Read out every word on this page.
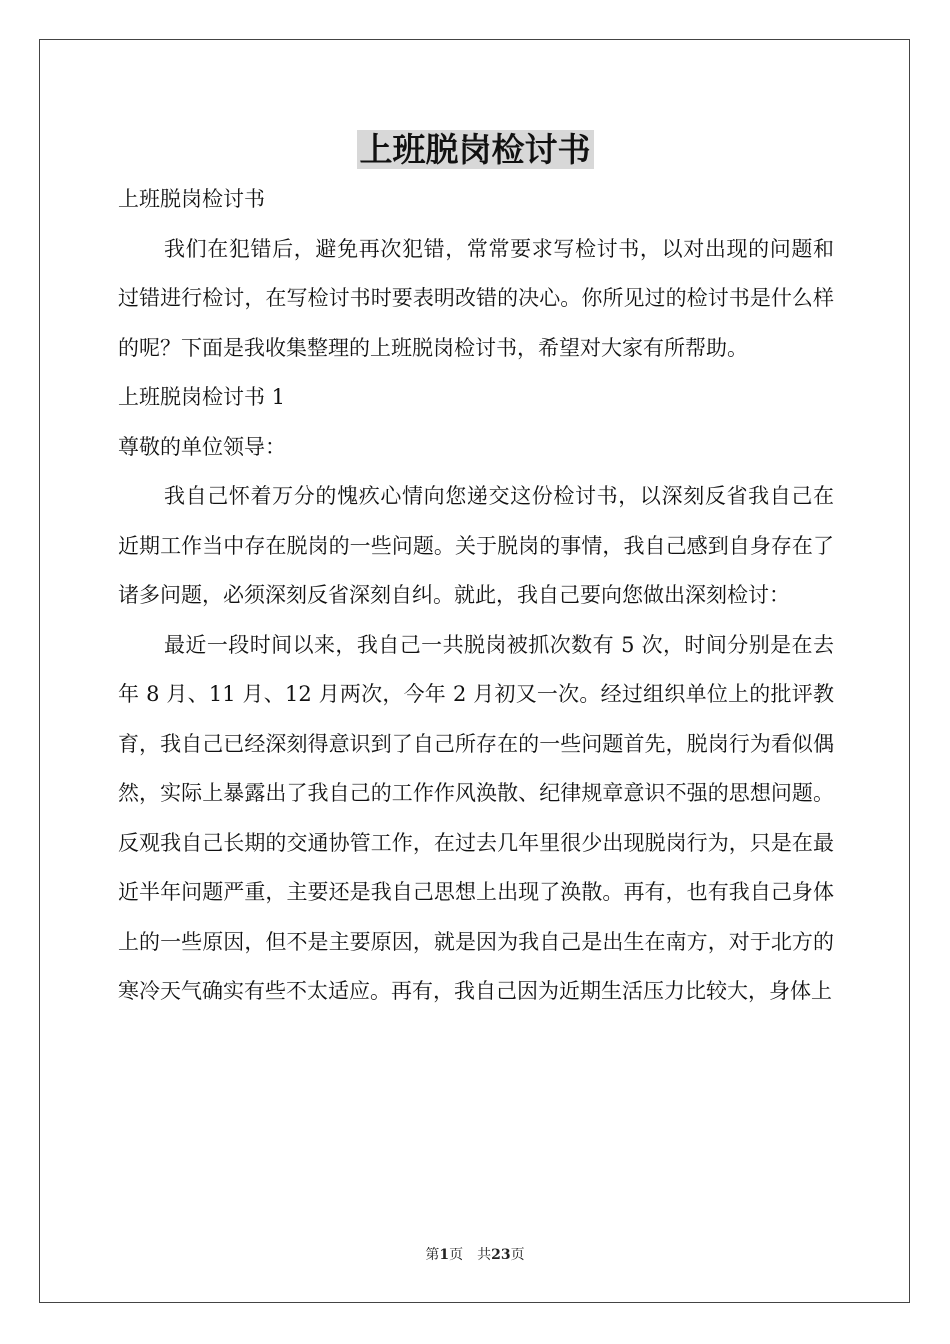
上班脱岗检讨书

上班脱岗检讨书

我们在犯错后，避免再次犯错，常常要求写检讨书，以对出现的问题和过错进行检讨，在写检讨书时要表明改错的决心。你所见过的检讨书是什么样的呢？下面是我收集整理的上班脱岗检讨书，希望对大家有所帮助。

上班脱岗检讨书 1

尊敬的单位领导：

我自己怀着万分的愧疚心情向您递交这份检讨书，以深刻反省我自己在近期工作当中存在脱岗的一些问题。关于脱岗的事情，我自己感到自身存在了诸多问题，必须深刻反省深刻自纠。就此，我自己要向您做出深刻检讨：

最近一段时间以来，我自己一共脱岗被抓次数有 5 次，时间分别是在去年 8 月、11 月、12 月两次，今年 2 月初又一次。经过组织单位上的批评教育，我自己已经深刻得意识到了自己所存在的一些问题首先，脱岗行为看似偶然，实际上暴露出了我自己的工作作风涣散、纪律规章意识不强的思想问题。反观我自己长期的交通协管工作，在过去几年里很少出现脱岗行为，只是在最近半年问题严重，主要还是我自己思想上出现了涣散。再有，也有我自己身体上的一些原因，但不是主要原因，就是因为我自己是出生在南方，对于北方的寒冷天气确实有些不太适应。再有，我自己因为近期生活压力比较大，身体上

第1页 共23页
